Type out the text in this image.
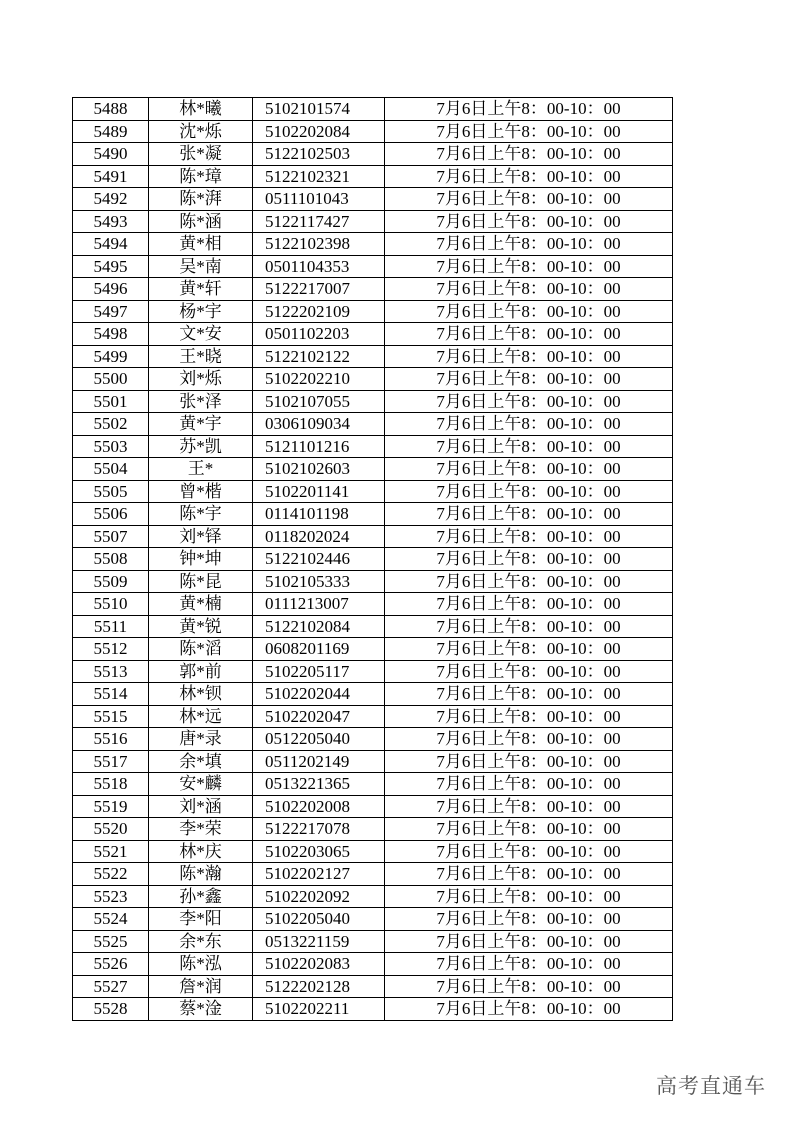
5488	林*曦	5102101574	7月6日上午8：00-10：00
5489	沈*烁	5102202084	7月6日上午8：00-10：00
5490	张*凝	5122102503	7月6日上午8：00-10：00
5491	陈*璋	5122102321	7月6日上午8：00-10：00
5492	陈*湃	0511101043	7月6日上午8：00-10：00
5493	陈*涵	5122117427	7月6日上午8：00-10：00
5494	黄*相	5122102398	7月6日上午8：00-10：00
5495	吴*南	0501104353	7月6日上午8：00-10：00
5496	黄*轩	5122217007	7月6日上午8：00-10：00
5497	杨*宇	5122202109	7月6日上午8：00-10：00
5498	文*安	0501102203	7月6日上午8：00-10：00
5499	王*晓	5122102122	7月6日上午8：00-10：00
5500	刘*烁	5102202210	7月6日上午8：00-10：00
5501	张*泽	5102107055	7月6日上午8：00-10：00
5502	黄*宇	0306109034	7月6日上午8：00-10：00
5503	苏*凯	5121101216	7月6日上午8：00-10：00
5504	王*	5102102603	7月6日上午8：00-10：00
5505	曾*楷	5102201141	7月6日上午8：00-10：00
5506	陈*宇	0114101198	7月6日上午8：00-10：00
5507	刘*铎	0118202024	7月6日上午8：00-10：00
5508	钟*坤	5122102446	7月6日上午8：00-10：00
5509	陈*昆	5102105333	7月6日上午8：00-10：00
5510	黄*楠	0111213007	7月6日上午8：00-10：00
5511	黄*锐	5122102084	7月6日上午8：00-10：00
5512	陈*滔	0608201169	7月6日上午8：00-10：00
5513	郭*前	5102205117	7月6日上午8：00-10：00
5514	林*钡	5102202044	7月6日上午8：00-10：00
5515	林*远	5102202047	7月6日上午8：00-10：00
5516	唐*录	0512205040	7月6日上午8：00-10：00
5517	余*填	0511202149	7月6日上午8：00-10：00
5518	安*麟	0513221365	7月6日上午8：00-10：00
5519	刘*涵	5102202008	7月6日上午8：00-10：00
5520	李*荣	5122217078	7月6日上午8：00-10：00
5521	林*庆	5102203065	7月6日上午8：00-10：00
5522	陈*瀚	5102202127	7月6日上午8：00-10：00
5523	孙*鑫	5102202092	7月6日上午8：00-10：00
5524	李*阳	5102205040	7月6日上午8：00-10：00
5525	余*东	0513221159	7月6日上午8：00-10：00
5526	陈*泓	5102202083	7月6日上午8：00-10：00
5527	詹*润	5122202128	7月6日上午8：00-10：00
5528	蔡*淦	5102202211	7月6日上午8：00-10：00
高考直通车
